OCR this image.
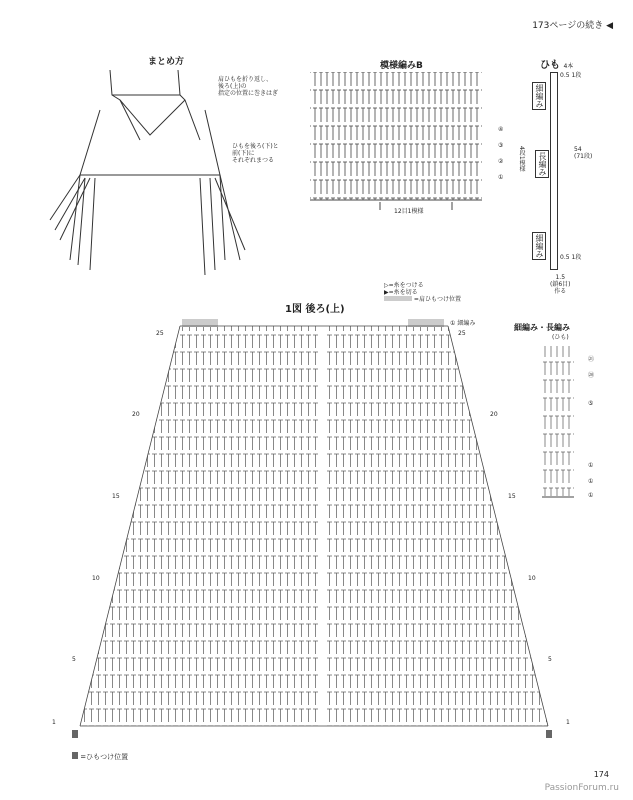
173ページの続き ◀
まとめ方
肩ひもを折り返し、
後ろ(上)の
指定の位置に巻きはぎ
ひもを後ろ(下)と
前(下)に
それぞれまつる
模様編みB
④
③
②
①
4段1模様
12目1模様
ひも 4本
細編み
長編み
細編み
0.5 1段
54
(71段)
0.5 1段
1.5
(鎖6目)
作る
▷=糸をつける
▶=糸を切る
=肩ひもつけ位置
1図 後ろ(上)
① 細編み
25	25
20	20
15	15
10	10
5	5
1	1
細編み・長編み
(ひも)
㉑
⑳
⑤
①
①
①
=ひもつけ位置
174
PassionForum.ru
